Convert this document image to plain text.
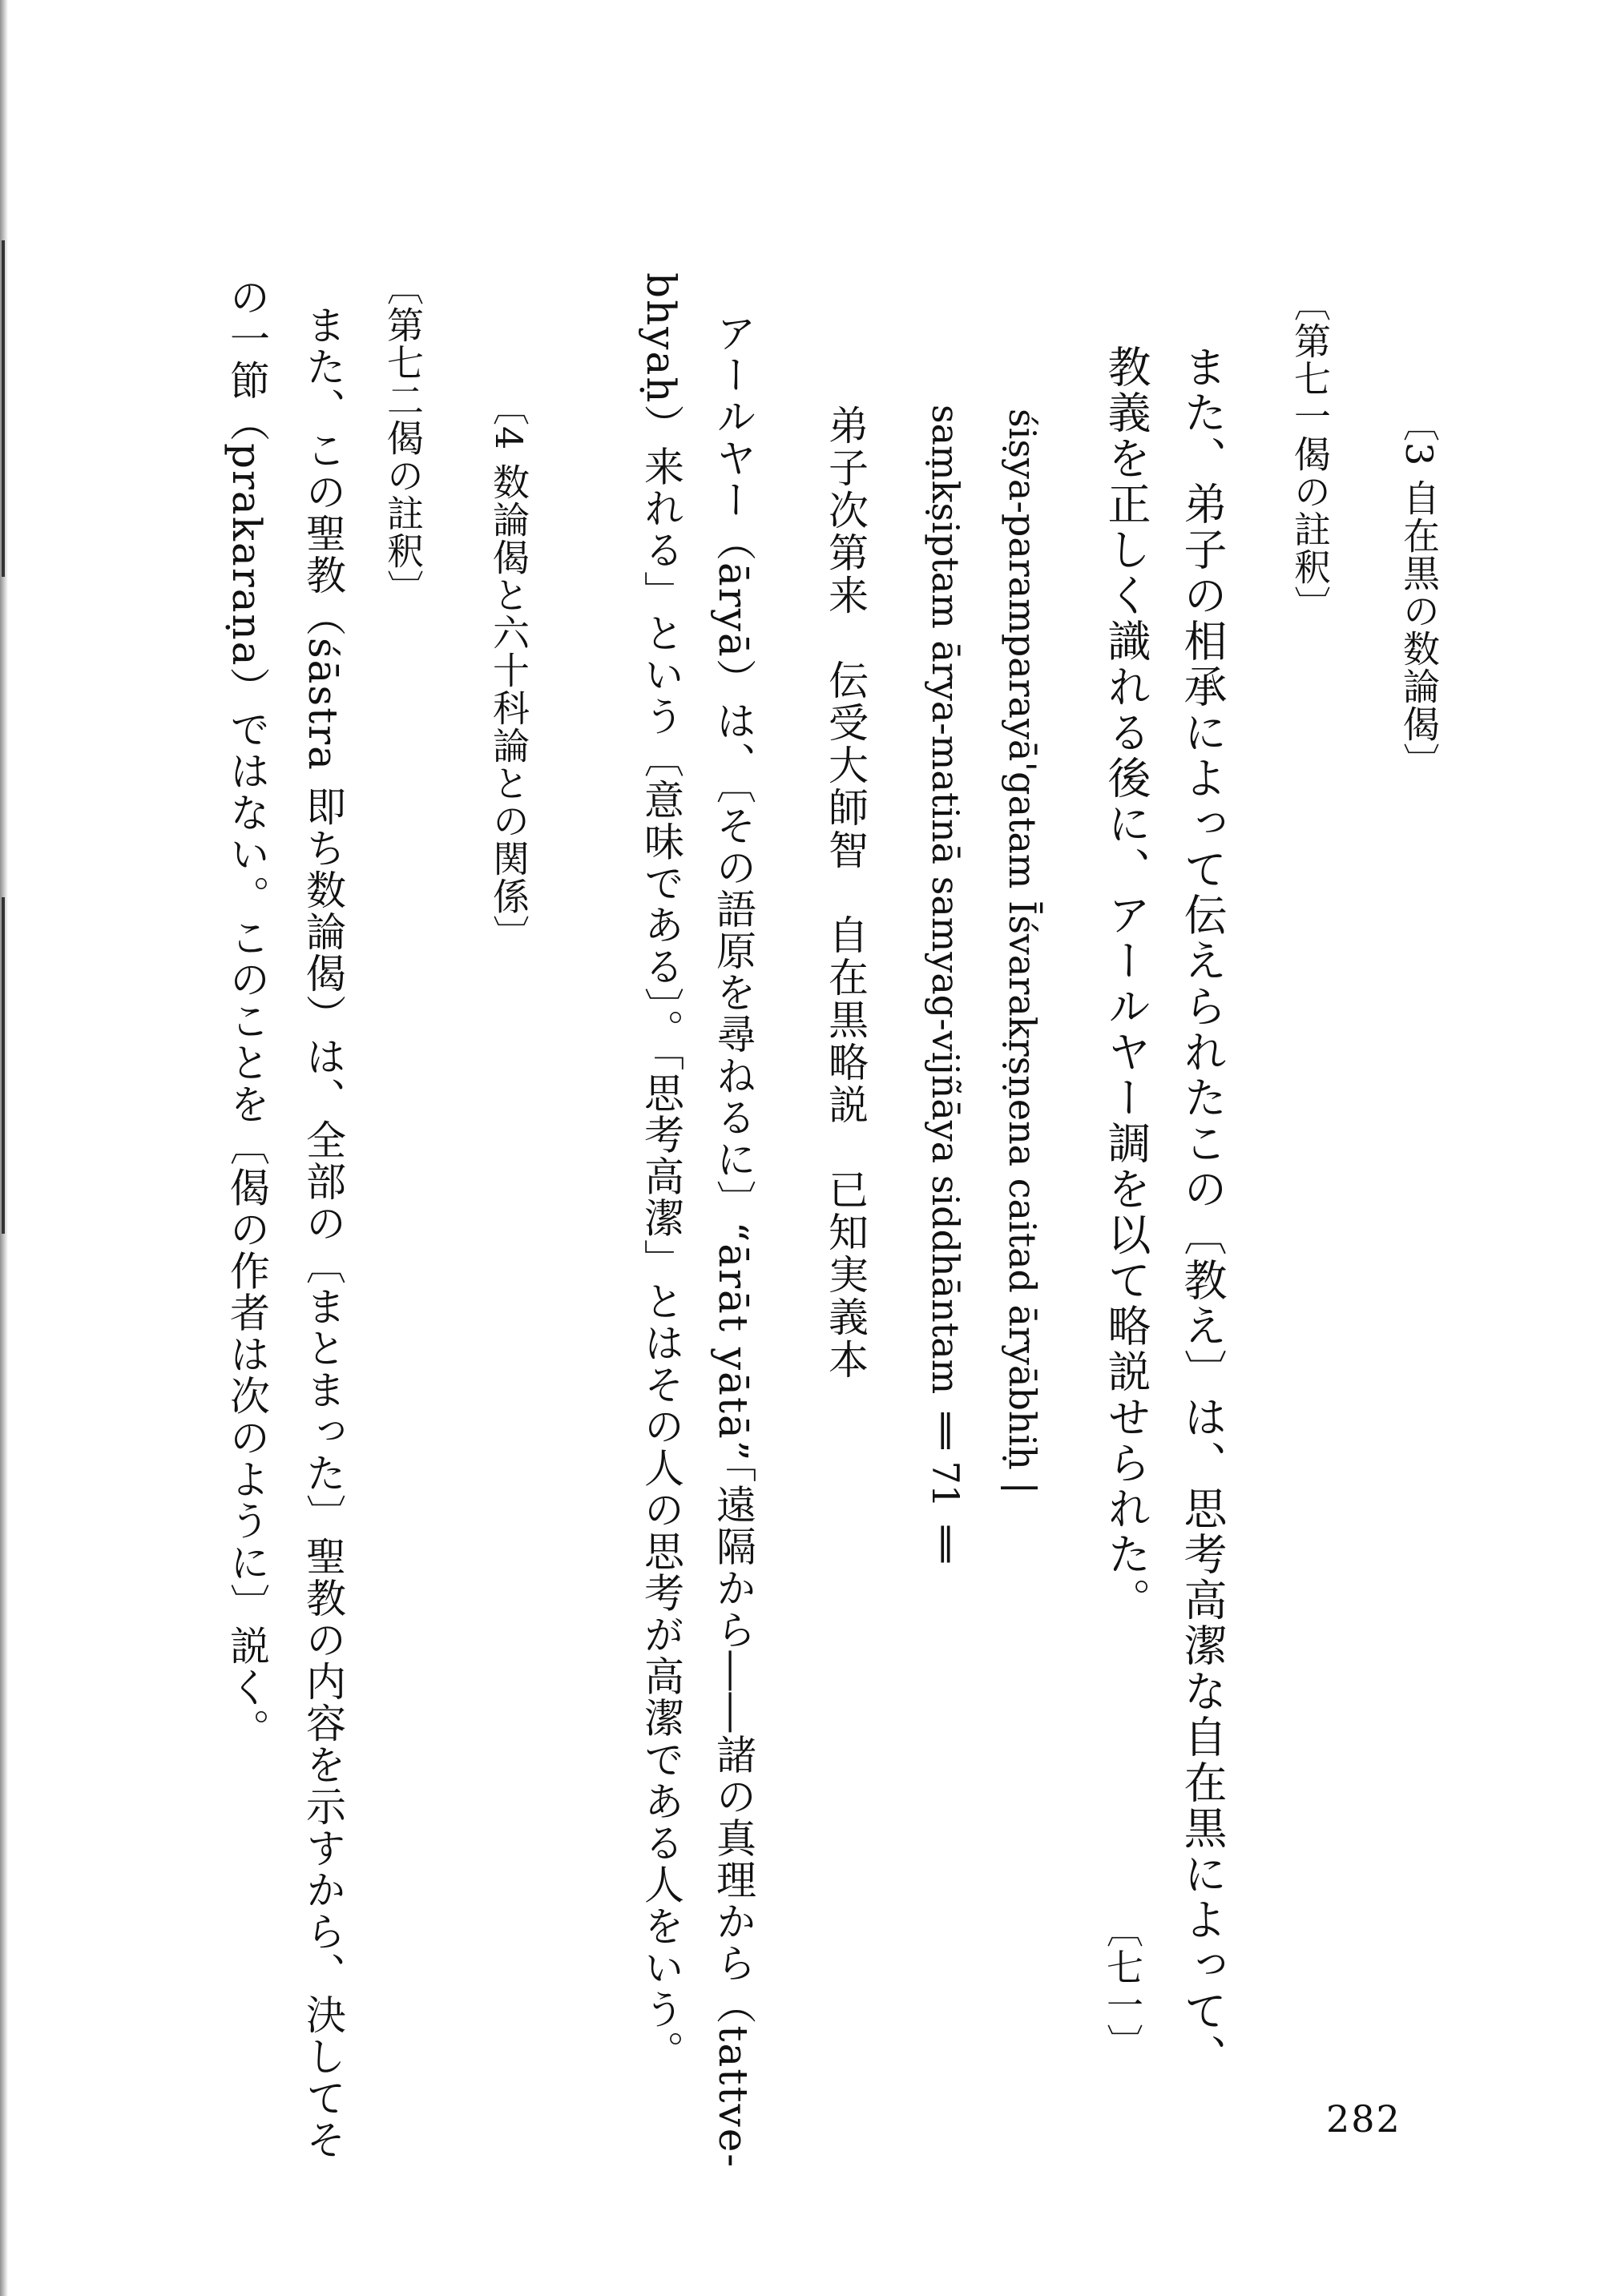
〔3 自在黒の数論偈〕
〔第七一偈の註釈〕
また、弟子の相承によって伝えられたこの〔教え〕は、思考高潔な自在黒によって、
教義を正しく識れる後に、アールヤー調を以て略説せられた。
〔七一〕
śiṣya-paramparayā'gatam Īśvarakṛṣṇena caitad āryābhiḥ |
saṃkṣiptam ārya-matinā samyag-vijñāya siddhāntam ‖ 71 ‖
弟子次第来　伝受大師智　自在黒略説　已知実義本
アールヤー（āryā）は、〔その語原を尋ねるに〕“ārāt yātā”「遠隔から――諸の真理から（tattve-
bhyaḥ）来れる」という〔意味である〕。「思考高潔」とはその人の思考が高潔である人をいう。
〔4 数論偈と六十科論との関係〕
〔第七二偈の註釈〕
また、この聖教（śāstra 即ち数論偈）は、全部の〔まとまった〕聖教の内容を示すから、決してそ
の一節（prakaraṇa）ではない。このことを〔偈の作者は次のように〕説く。
282
